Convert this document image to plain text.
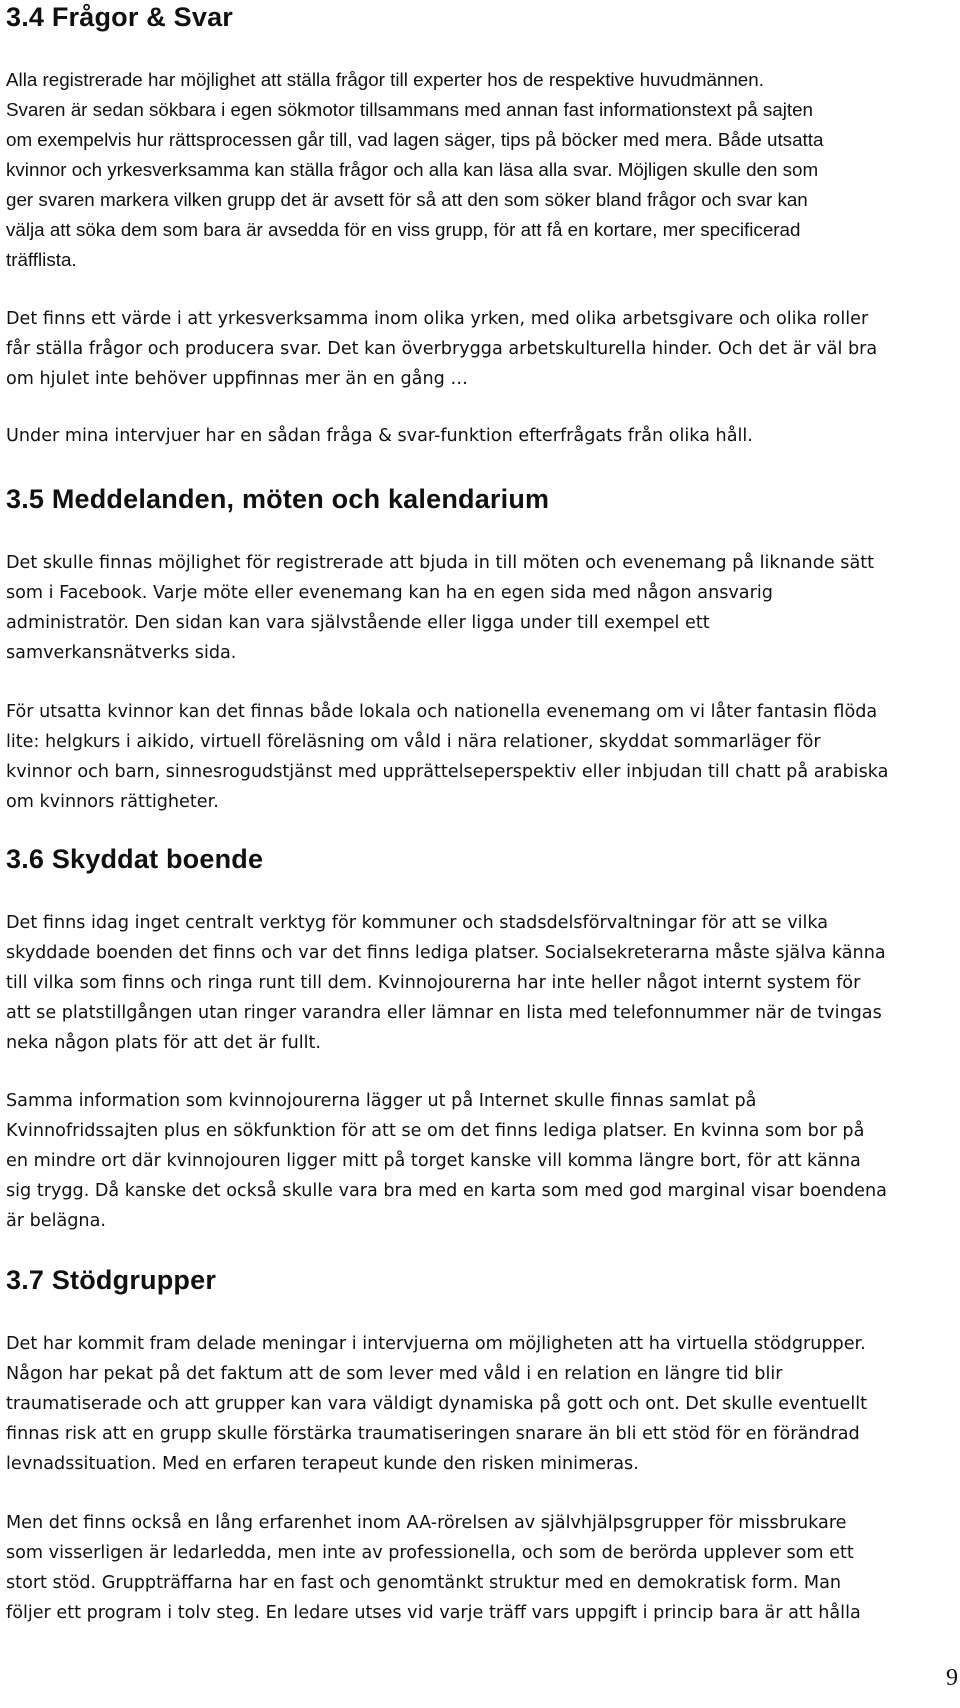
3.4 Frågor & Svar

Alla registrerade har möjlighet att ställa frågor till experter hos de respektive huvudmännen.
Svaren är sedan sökbara i egen sökmotor tillsammans med annan fast informationstext på sajten
om exempelvis hur rättsprocessen går till, vad lagen säger, tips på böcker med mera. Både utsatta
kvinnor och yrkesverksamma kan ställa frågor och alla kan läsa alla svar. Möjligen skulle den som
ger svaren markera vilken grupp det är avsett för så att den som söker bland frågor och svar kan
välja att söka dem som bara är avsedda för en viss grupp, för att få en kortare, mer specificerad
träfflista.

Det finns ett värde i att yrkesverksamma inom olika yrken, med olika arbetsgivare och olika roller
får ställa frågor och producera svar. Det kan överbrygga arbetskulturella hinder. Och det är väl bra
om hjulet inte behöver uppfinnas mer än en gång …

Under mina intervjuer har en sådan fråga & svar-funktion efterfrågats från olika håll.

3.5 Meddelanden, möten och kalendarium

Det skulle finnas möjlighet för registrerade att bjuda in till möten och evenemang på liknande sätt
som i Facebook. Varje möte eller evenemang kan ha en egen sida med någon ansvarig
administratör. Den sidan kan vara självstående eller ligga under till exempel ett
samverkansnätverks sida.

För utsatta kvinnor kan det finnas både lokala och nationella evenemang om vi låter fantasin flöda
lite: helgkurs i aikido, virtuell föreläsning om våld i nära relationer, skyddat sommarläger för
kvinnor och barn, sinnesrogudstjänst med upprättelseperspektiv eller inbjudan till chatt på arabiska
om kvinnors rättigheter.

3.6 Skyddat boende

Det finns idag inget centralt verktyg för kommuner och stadsdelsförvaltningar för att se vilka
skyddade boenden det finns och var det finns lediga platser. Socialsekreterarna måste själva känna
till vilka som finns och ringa runt till dem. Kvinnojourerna har inte heller något internt system för
att se platstillgången utan ringer varandra eller lämnar en lista med telefonnummer när de tvingas
neka någon plats för att det är fullt.

Samma information som kvinnojourerna lägger ut på Internet skulle finnas samlat på
Kvinnofridssajten plus en sökfunktion för att se om det finns lediga platser. En kvinna som bor på
en mindre ort där kvinnojouren ligger mitt på torget kanske vill komma längre bort, för att känna
sig trygg. Då kanske det också skulle vara bra med en karta som med god marginal visar boendena
är belägna.

3.7 Stödgrupper

Det har kommit fram delade meningar i intervjuerna om möjligheten att ha virtuella stödgrupper.
Någon har pekat på det faktum att de som lever med våld i en relation en längre tid blir
traumatiserade och att grupper kan vara väldigt dynamiska på gott och ont. Det skulle eventuellt
finnas risk att en grupp skulle förstärka traumatiseringen snarare än bli ett stöd för en förändrad
levnadssituation. Med en erfaren terapeut kunde den risken minimeras.

Men det finns också en lång erfarenhet inom AA-rörelsen av självhjälpsgrupper för missbrukare
som visserligen är ledarledda, men inte av professionella, och som de berörda upplever som ett
stort stöd. Gruppträffarna har en fast och genomtänkt struktur med en demokratisk form. Man
följer ett program i tolv steg. En ledare utses vid varje träff vars uppgift i princip bara är att hålla

9
